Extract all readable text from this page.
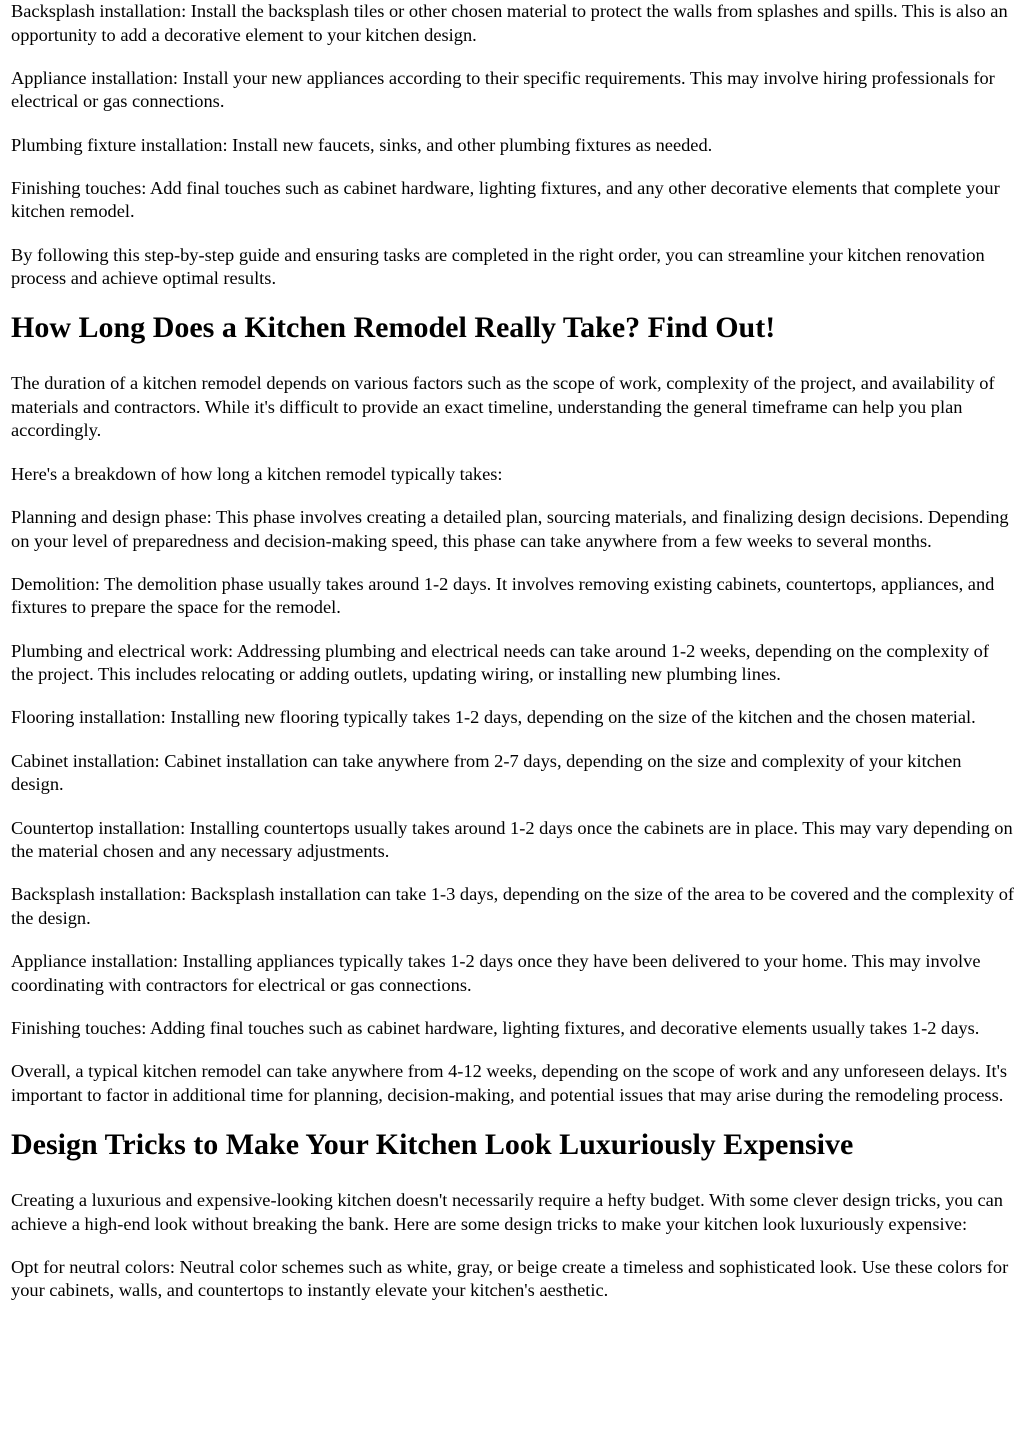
Backsplash installation: Install the backsplash tiles or other chosen material to protect the walls from splashes and spills. This is also an opportunity to add a decorative element to your kitchen design.

Appliance installation: Install your new appliances according to their specific requirements. This may involve hiring professionals for electrical or gas connections.

Plumbing fixture installation: Install new faucets, sinks, and other plumbing fixtures as needed.

Finishing touches: Add final touches such as cabinet hardware, lighting fixtures, and any other decorative elements that complete your kitchen remodel.

By following this step-by-step guide and ensuring tasks are completed in the right order, you can streamline your kitchen renovation process and achieve optimal results.

How Long Does a Kitchen Remodel Really Take? Find Out!

The duration of a kitchen remodel depends on various factors such as the scope of work, complexity of the project, and availability of materials and contractors. While it's difficult to provide an exact timeline, understanding the general timeframe can help you plan accordingly.

Here's a breakdown of how long a kitchen remodel typically takes:

Planning and design phase: This phase involves creating a detailed plan, sourcing materials, and finalizing design decisions. Depending on your level of preparedness and decision-making speed, this phase can take anywhere from a few weeks to several months.

Demolition: The demolition phase usually takes around 1-2 days. It involves removing existing cabinets, countertops, appliances, and fixtures to prepare the space for the remodel.

Plumbing and electrical work: Addressing plumbing and electrical needs can take around 1-2 weeks, depending on the complexity of the project. This includes relocating or adding outlets, updating wiring, or installing new plumbing lines.

Flooring installation: Installing new flooring typically takes 1-2 days, depending on the size of the kitchen and the chosen material.

Cabinet installation: Cabinet installation can take anywhere from 2-7 days, depending on the size and complexity of your kitchen design.

Countertop installation: Installing countertops usually takes around 1-2 days once the cabinets are in place. This may vary depending on the material chosen and any necessary adjustments.

Backsplash installation: Backsplash installation can take 1-3 days, depending on the size of the area to be covered and the complexity of the design.

Appliance installation: Installing appliances typically takes 1-2 days once they have been delivered to your home. This may involve coordinating with contractors for electrical or gas connections.

Finishing touches: Adding final touches such as cabinet hardware, lighting fixtures, and decorative elements usually takes 1-2 days.

Overall, a typical kitchen remodel can take anywhere from 4-12 weeks, depending on the scope of work and any unforeseen delays. It's important to factor in additional time for planning, decision-making, and potential issues that may arise during the remodeling process.

Design Tricks to Make Your Kitchen Look Luxuriously Expensive

Creating a luxurious and expensive-looking kitchen doesn't necessarily require a hefty budget. With some clever design tricks, you can achieve a high-end look without breaking the bank. Here are some design tricks to make your kitchen look luxuriously expensive:

Opt for neutral colors: Neutral color schemes such as white, gray, or beige create a timeless and sophisticated look. Use these colors for your cabinets, walls, and countertops to instantly elevate your kitchen's aesthetic.
